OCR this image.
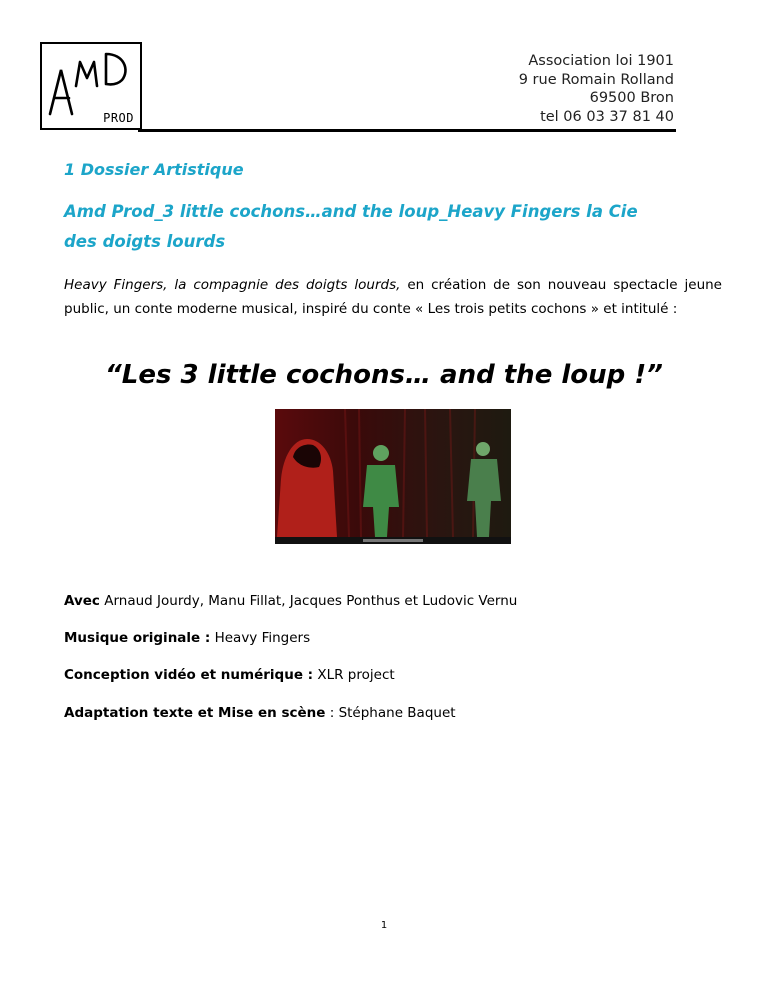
PROD
Association loi 1901
9 rue Romain Rolland
69500 Bron
tel 06 03 37 81 40
1 Dossier Artistique
Amd Prod_3 little cochons…and the loup_Heavy Fingers la Cie
des doigts lourds
Heavy Fingers, la compagnie des doigts lourds, en création de son nouveau spectacle jeune public, un conte moderne musical, inspiré du conte « Les trois petits cochons » et intitulé :
“Les 3 little cochons… and the loup !”
Avec Arnaud Jourdy, Manu Fillat, Jacques Ponthus et Ludovic Vernu
Musique originale : Heavy Fingers
Conception vidéo et numérique : XLR project
Adaptation texte et Mise en scène : Stéphane Baquet
1
